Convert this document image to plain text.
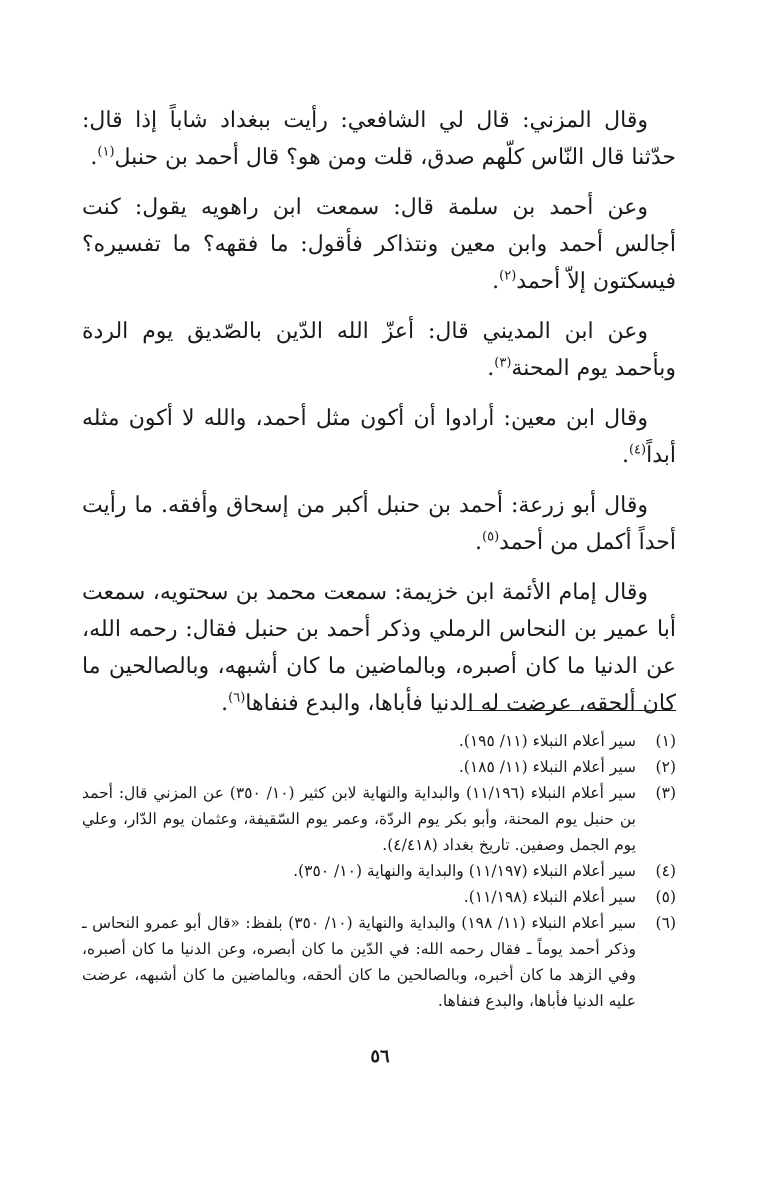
وقال المزني: قال لي الشافعي: رأيت ببغداد شاباً إذا قال: حدّثنا قال النّاس كلّهم صدق، قلت ومن هو؟ قال أحمد بن حنبل$^{(١)}$.

وعن أحمد بن سلمة قال: سمعت ابن راهويه يقول: كنت أجالس أحمد وابن معين ونتذاكر فأقول: ما فقهه؟ ما تفسيره؟ فيسكتون إلاّ أحمد$^{(٢)}$.

وعن ابن المديني قال: أعزّ الله الدّين بالصّديق يوم الردة وبأحمد يوم المحنة$^{(٣)}$.

وقال ابن معين: أرادوا أن أكون مثل أحمد، والله لا أكون مثله أبداً$^{(٤)}$.

وقال أبو زرعة: أحمد بن حنبل أكبر من إسحاق وأفقه. ما رأيت أحداً أكمل من أحمد$^{(٥)}$.

وقال إمام الأئمة ابن خزيمة: سمعت محمد بن سحتويه، سمعت أبا عمير بن النحاس الرملي وذكر أحمد بن حنبل فقال: رحمه الله، عن الدنيا ما كان أصبره، وبالماضين ما كان أشبهه، وبالصالحين ما كان ألحقه، عرضت له الدنيا فأباها، والبدع فنفاها$^{(٦)}$.

(١)
سير أعلام النبلاء (١١/ ١٩٥).
(٢)
سير أعلام النبلاء (١١/ ١٨٥).
(٣)
سير أعلام النبلاء (١١/١٩٦) والبداية والنهاية لابن كثير (١٠/ ٣٥٠) عن المزني قال: أحمد بن حنبل يوم المحنة، وأبو بكر يوم الردّة، وعمر يوم السّقيفة، وعثمان يوم الدّار، وعلي يوم الجمل وصفين. تاريخ بغداد (٤/٤١٨).
(٤)
سير أعلام النبلاء (١١/١٩٧) والبداية والنهاية (١٠/ ٣٥٠).
(٥)
سير أعلام النبلاء (١١/١٩٨).
(٦)
سير أعلام النبلاء (١١/ ١٩٨) والبداية والنهاية (١٠/ ٣٥٠) بلفظ: «قال أبو عمرو النحاس ـ وذكر أحمد يوماً ـ فقال رحمه الله: في الدّين ما كان أبصره، وعن الدنيا ما كان أصبره، وفي الزهد ما كان أخبره، وبالصالحين ما كان ألحقه، وبالماضين ما كان أشبهه، عرضت عليه الدنيا فأباها، والبدع فنفاها.
٥٦
